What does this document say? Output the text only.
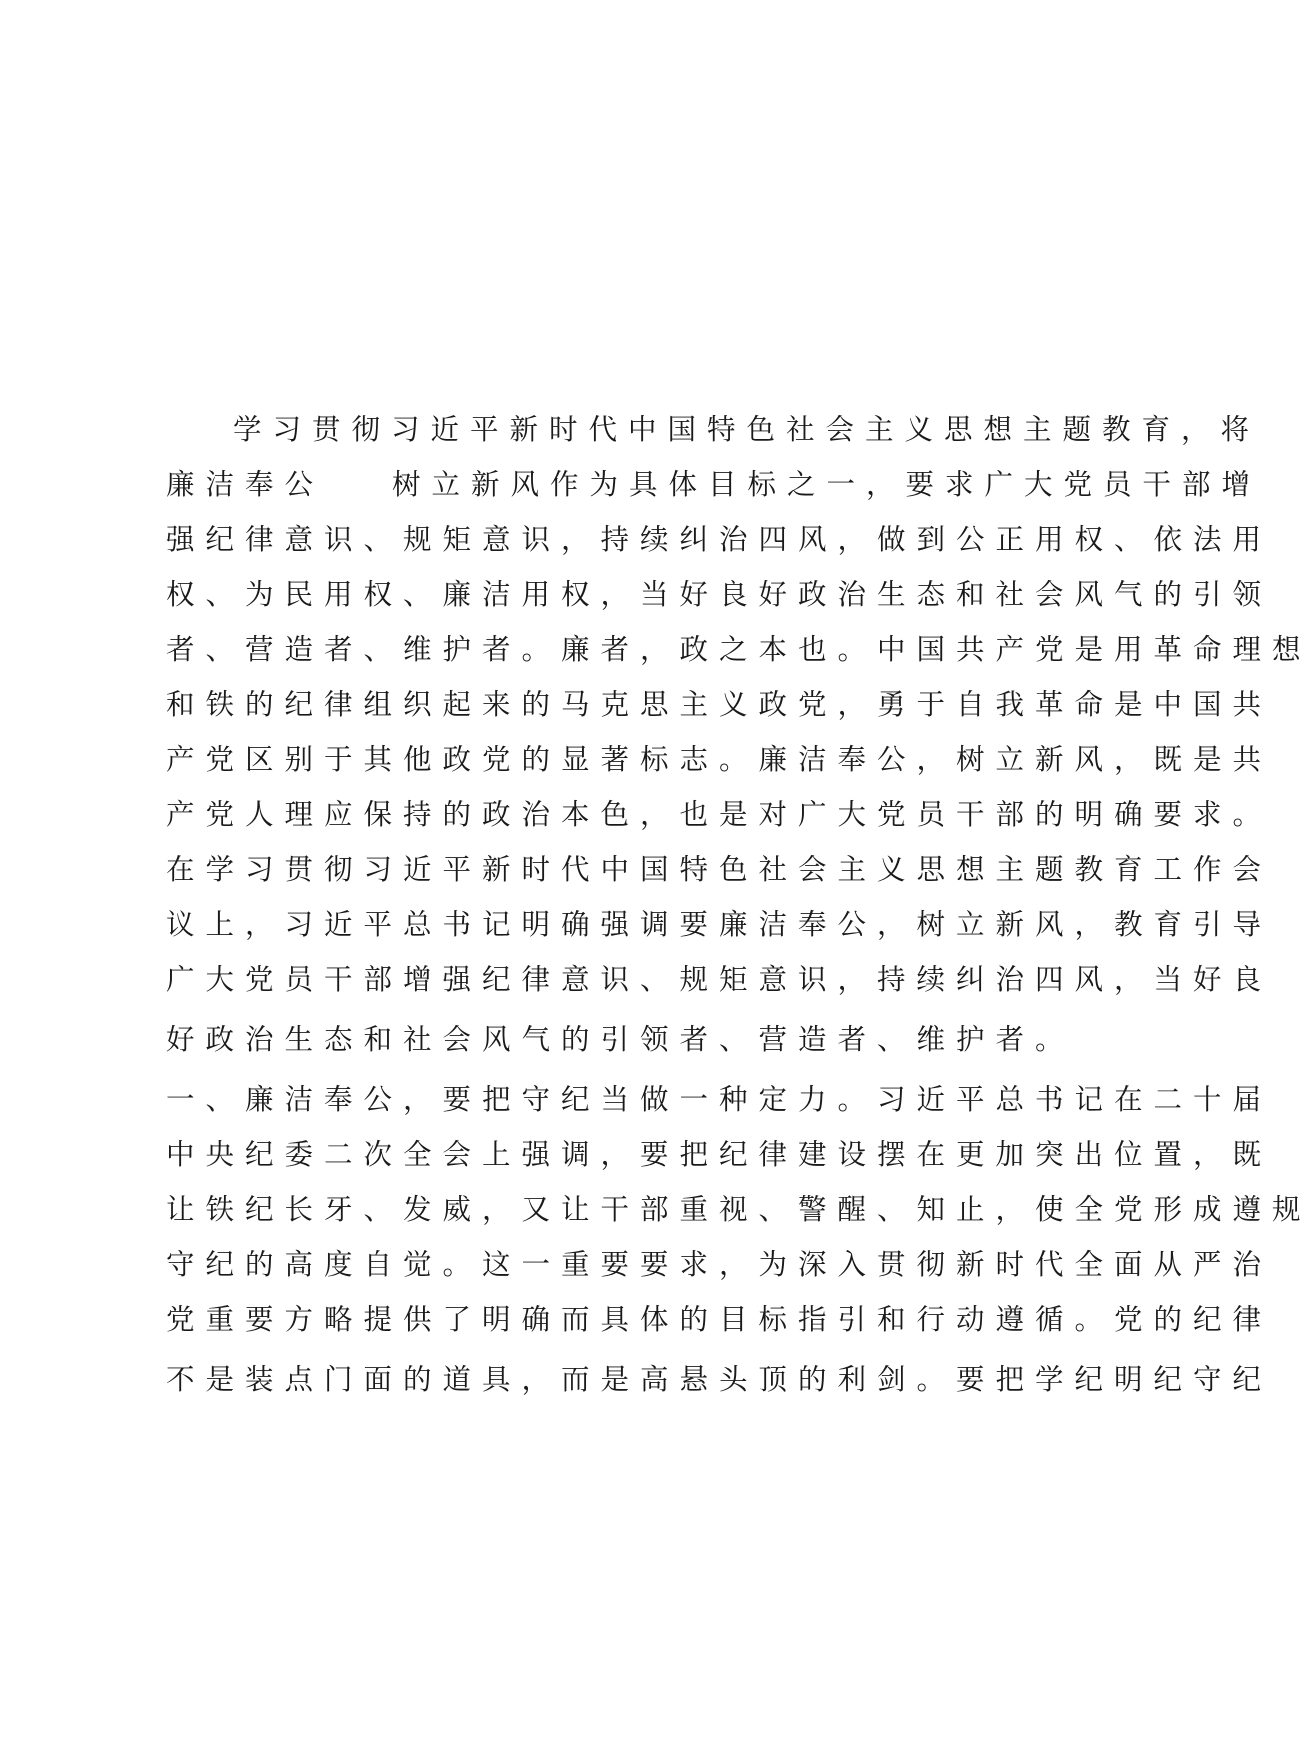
学习贯彻习近平新时代中国特色社会主义思想主题教育，将
廉洁奉公 树立新风作为具体目标之一，要求广大党员干部增
强纪律意识、规矩意识，持续纠治四风，做到公正用权、依法用
权、为民用权、廉洁用权，当好良好政治生态和社会风气的引领
者、营造者、维护者。廉者，政之本也。中国共产党是用革命理想
和铁的纪律组织起来的马克思主义政党，勇于自我革命是中国共
产党区别于其他政党的显著标志。廉洁奉公，树立新风，既是共
产党人理应保持的政治本色，也是对广大党员干部的明确要求。
在学习贯彻习近平新时代中国特色社会主义思想主题教育工作会
议上，习近平总书记明确强调要廉洁奉公，树立新风，教育引导
广大党员干部增强纪律意识、规矩意识，持续纠治四风，当好良
好政治生态和社会风气的引领者、营造者、维护者。
一、廉洁奉公，要把守纪当做一种定力。习近平总书记在二十届
中央纪委二次全会上强调，要把纪律建设摆在更加突出位置，既
让铁纪长牙、发威，又让干部重视、警醒、知止，使全党形成遵规
守纪的高度自觉。这一重要要求，为深入贯彻新时代全面从严治
党重要方略提供了明确而具体的目标指引和行动遵循。党的纪律
不是装点门面的道具，而是高悬头顶的利剑。要把学纪明纪守纪
